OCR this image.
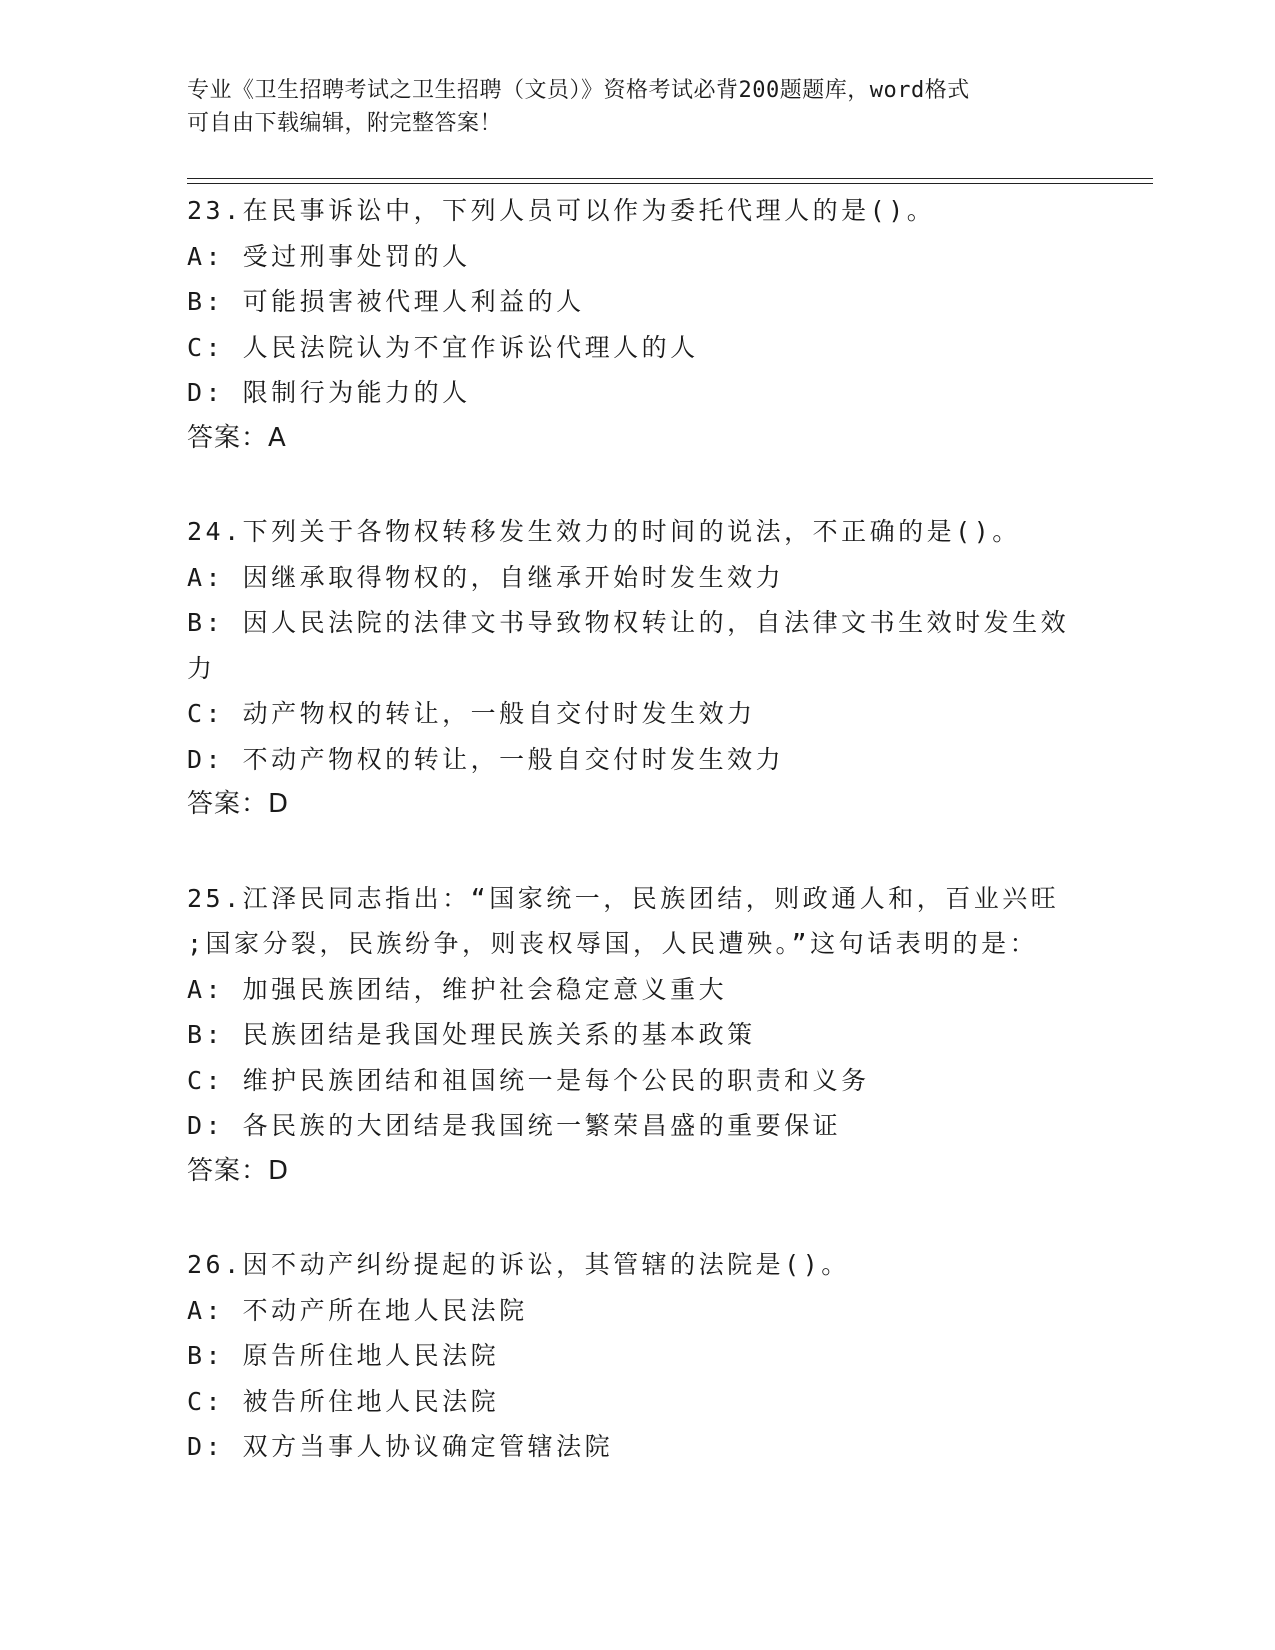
专业《卫生招聘考试之卫生招聘（文员）》资格考试必背200题题库，word格式
可自由下载编辑，附完整答案！
23.在民事诉讼中，下列人员可以作为委托代理人的是()。
A: 受过刑事处罚的人
B: 可能损害被代理人利益的人
C: 人民法院认为不宜作诉讼代理人的人
D: 限制行为能力的人
答案：A
24.下列关于各物权转移发生效力的时间的说法，不正确的是()。
A: 因继承取得物权的，自继承开始时发生效力
B: 因人民法院的法律文书导致物权转让的，自法律文书生效时发生效
力
C: 动产物权的转让，一般自交付时发生效力
D: 不动产物权的转让，一般自交付时发生效力
答案：D
25.江泽民同志指出：“国家统一，民族团结，则政通人和，百业兴旺
;国家分裂，民族纷争，则丧权辱国，人民遭殃。”这句话表明的是：
A: 加强民族团结，维护社会稳定意义重大
B: 民族团结是我国处理民族关系的基本政策
C: 维护民族团结和祖国统一是每个公民的职责和义务
D: 各民族的大团结是我国统一繁荣昌盛的重要保证
答案：D
26.因不动产纠纷提起的诉讼，其管辖的法院是()。
A: 不动产所在地人民法院
B: 原告所住地人民法院
C: 被告所住地人民法院
D: 双方当事人协议确定管辖法院
